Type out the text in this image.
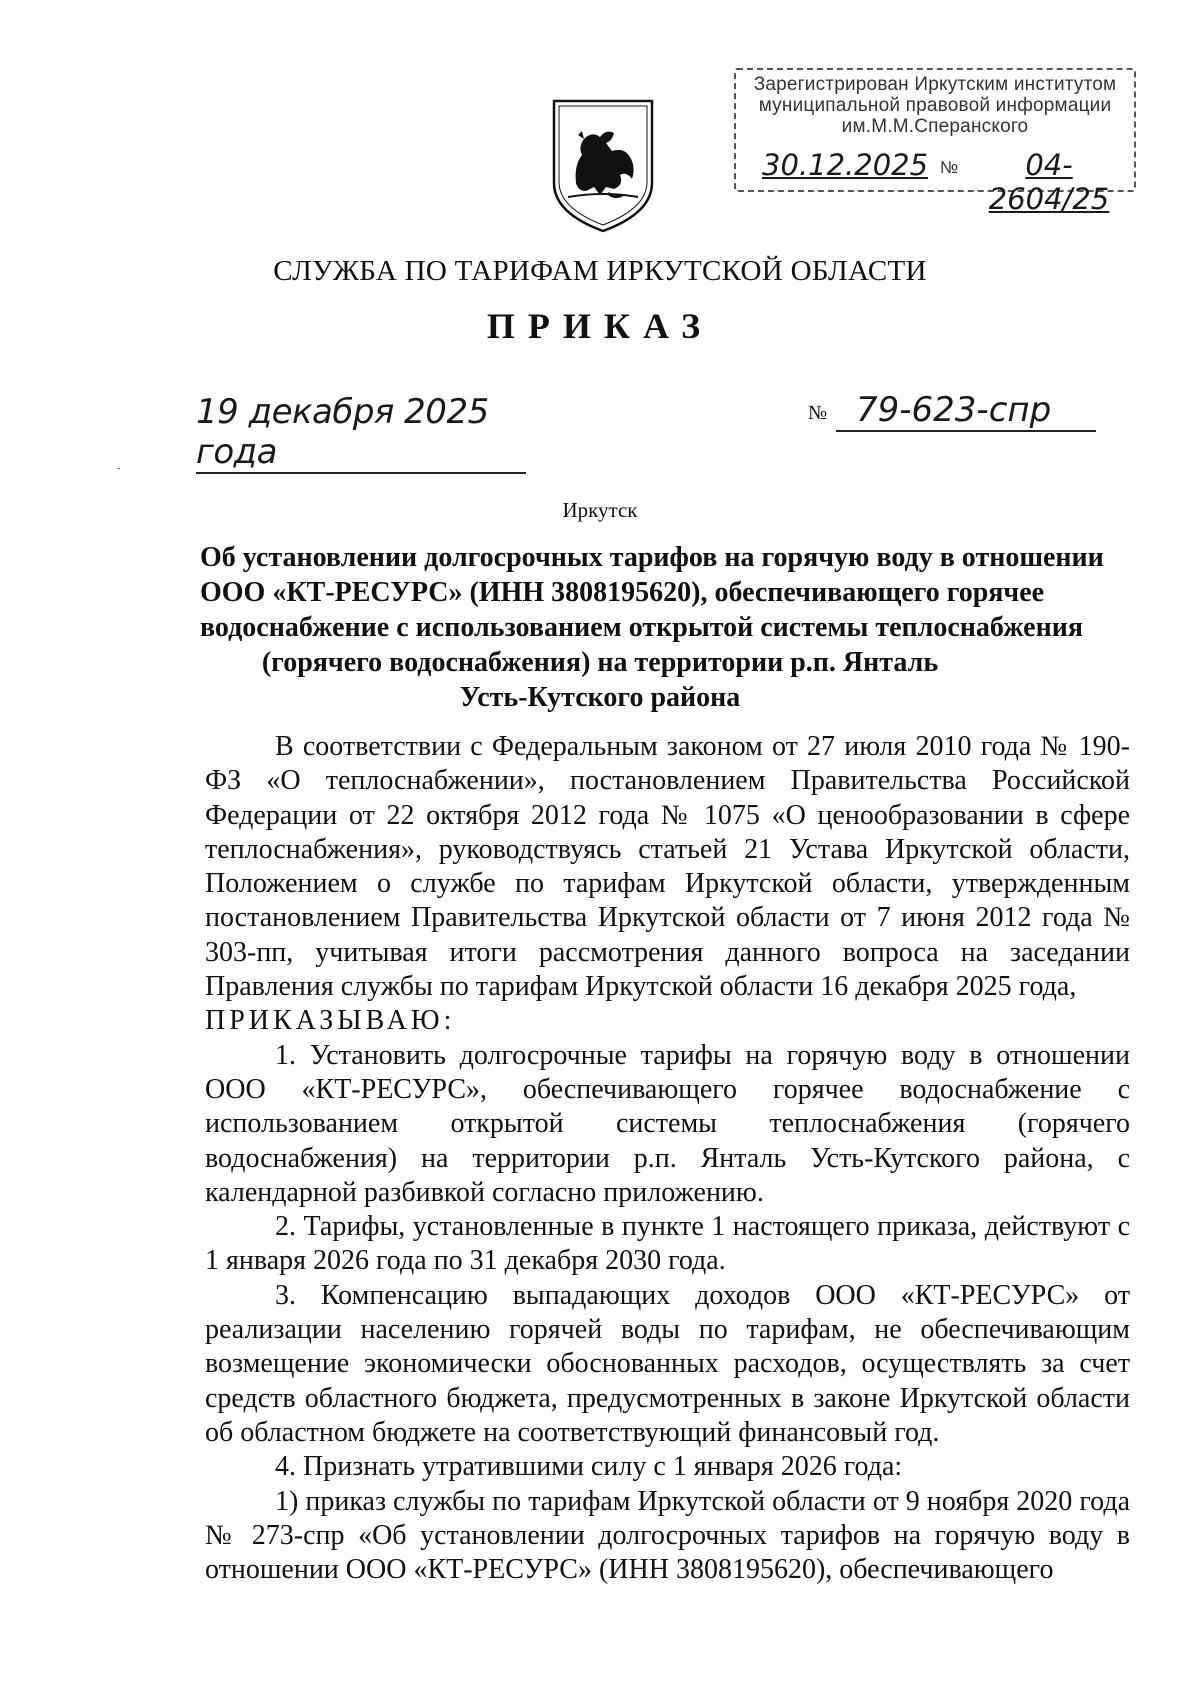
Зарегистрирован Иркутским институтом
муниципальной правовой информации
им.М.М.Сперанского
30.12.2025 №	04-2604/25
СЛУЖБА ПО ТАРИФАМ ИРКУТСКОЙ ОБЛАСТИ
ПРИКАЗ
19 декабря 2025 года
№ 79-623-спр
Иркутск
Об установлении долгосрочных тарифов на горячую воду в отношении
ООО «КТ-РЕСУРС» (ИНН 3808195620), обеспечивающего горячее
водоснабжение с использованием открытой системы теплоснабжения
(горячего водоснабжения) на территории р.п. Янталь
Усть-Кутского района

В соответствии с Федеральным законом от 27 июля 2010 года № 190-ФЗ «О теплоснабжении», постановлением Правительства Российской Федерации от 22 октября 2012 года № 1075 «О ценообразовании в сфере теплоснабжения», руководствуясь статьей 21 Устава Иркутской области, Положением о службе по тарифам Иркутской области, утвержденным постановлением Правительства Иркутской области от 7 июня 2012 года № 303-пп, учитывая итоги рассмотрения данного вопроса на заседании Правления службы по тарифам Иркутской области 16 декабря 2025 года,

ПРИКАЗЫВАЮ:

1. Установить долгосрочные тарифы на горячую воду в отношении ООО «КТ-РЕСУРС», обеспечивающего горячее водоснабжение с использованием открытой системы теплоснабжения (горячего водоснабжения) на территории р.п. Янталь Усть-Кутского района, с календарной разбивкой согласно приложению.

2. Тарифы, установленные в пункте 1 настоящего приказа, действуют с 1 января 2026 года по 31 декабря 2030 года.

3. Компенсацию выпадающих доходов ООО «КТ-РЕСУРС» от реализации населению горячей воды по тарифам, не обеспечивающим возмещение экономически обоснованных расходов, осуществлять за счет средств областного бюджета, предусмотренных в законе Иркутской области об областном бюджете на соответствующий финансовый год.

4. Признать утратившими силу с 1 января 2026 года:

1) приказ службы по тарифам Иркутской области от 9 ноября 2020 года № 273-спр «Об установлении долгосрочных тарифов на горячую воду в отношении ООО «КТ-РЕСУРС» (ИНН 3808195620), обеспечивающего
